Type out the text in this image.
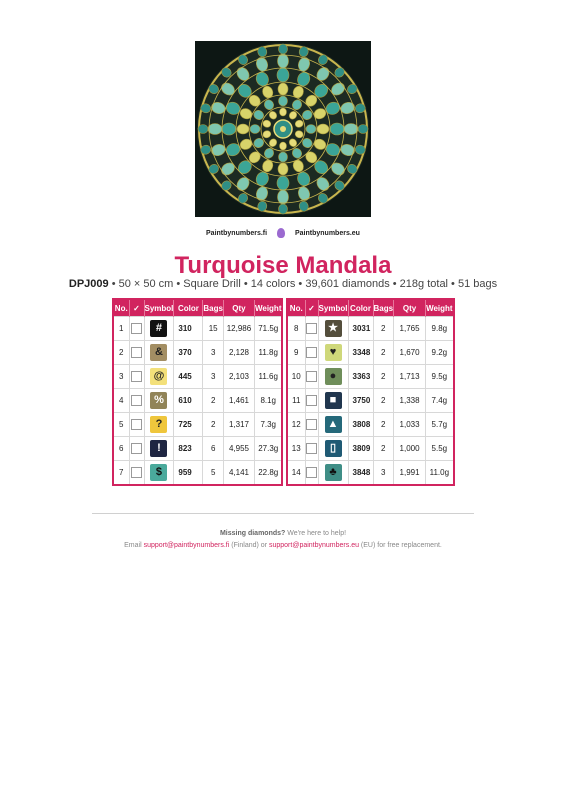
Paintbynumbers.fi	Paintbynumbers.eu
Turquoise Mandala
DPJ009 • 50 × 50 cm • Square Drill • 14 colors • 39,601 diamonds • 218g total • 51 bags
No.	✓	Symbol	Color	Bags	Qty	Weight
1		#	310	15	12,986	71.5g
2		&	370	3	2,128	11.8g
3		@	445	3	2,103	11.6g
4		%	610	2	1,461	8.1g
5		?	725	2	1,317	7.3g
6		!	823	6	4,955	27.3g
7		$	959	5	4,141	22.8g
No.	✓	Symbol	Color	Bags	Qty	Weight
8		★	3031	2	1,765	9.8g
9		♥	3348	2	1,670	9.2g
10		●	3363	2	1,713	9.5g
11		■	3750	2	1,338	7.4g
12		▲	3808	2	1,033	5.7g
13		▯	3809	2	1,000	5.5g
14		♣	3848	3	1,991	11.0g
Missing diamonds? We're here to help!
Email support@paintbynumbers.fi (Finland) or support@paintbynumbers.eu (EU) for free replacement.
